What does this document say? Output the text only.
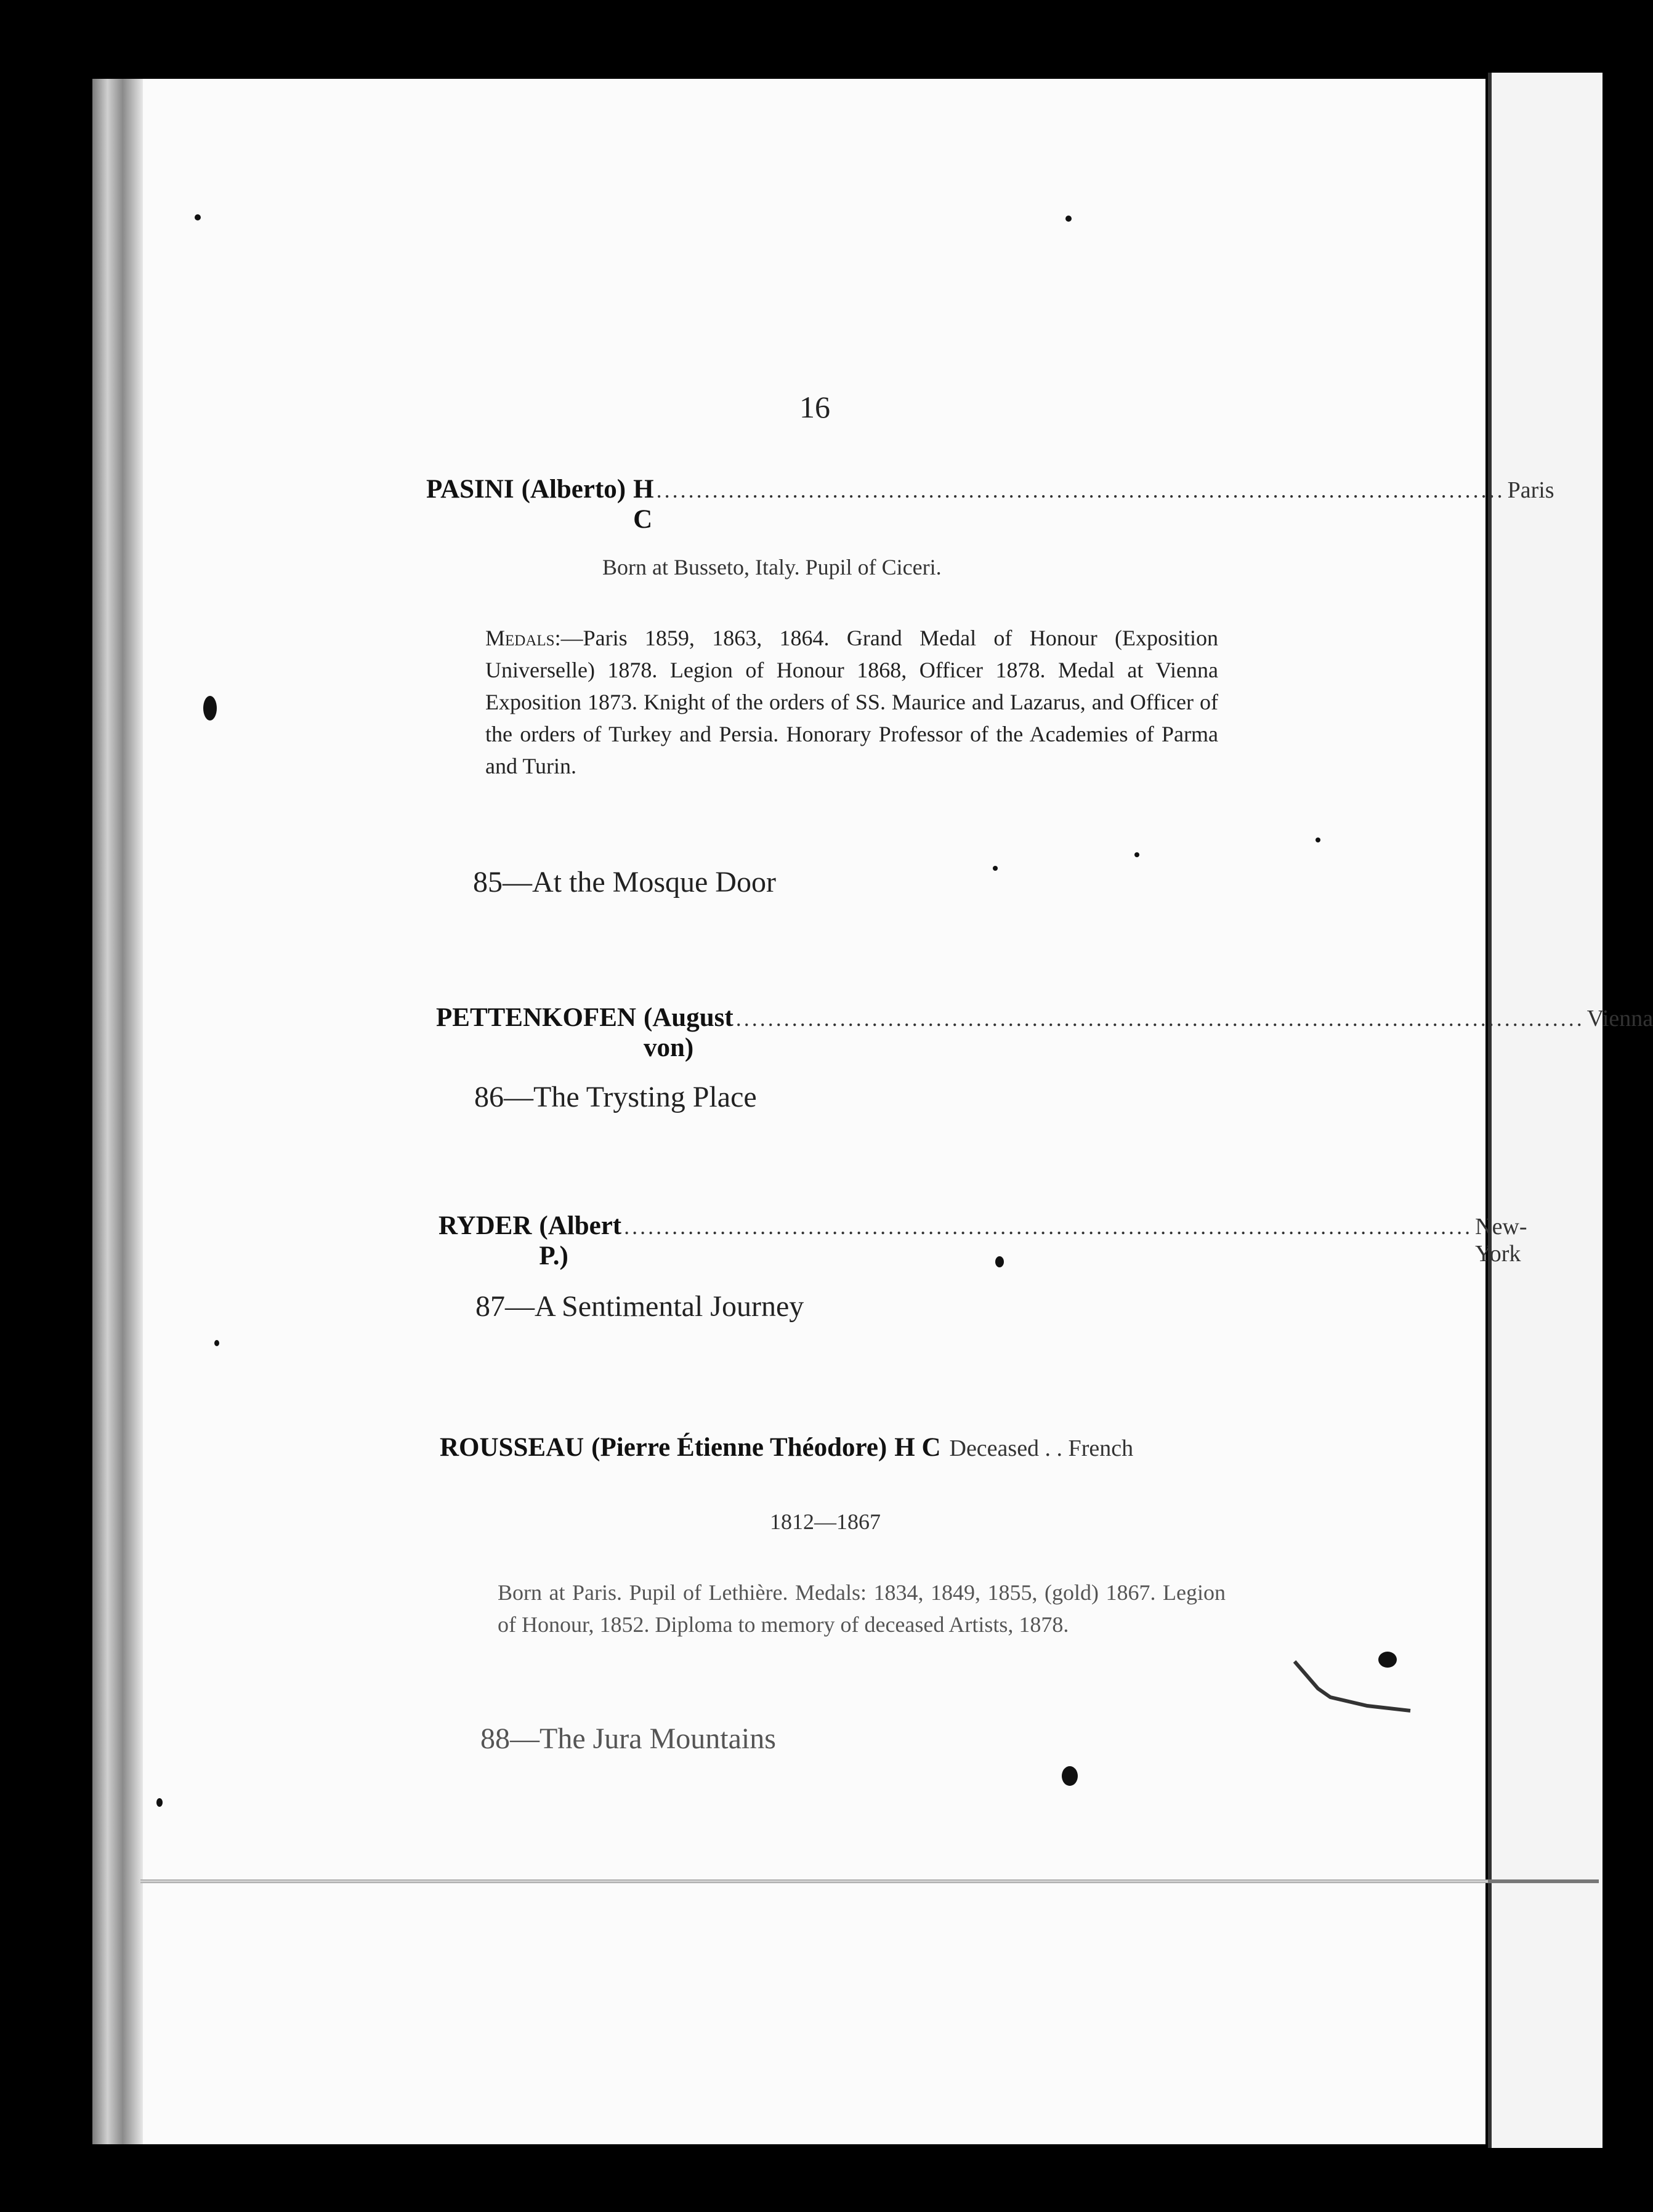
16
PASINI (Alberto) H C
.......................................................................................................... Paris
Born at Busseto, Italy. Pupil of Ciceri.
Medals:—Paris 1859, 1863, 1864. Grand Medal of Honour (Exposition Universelle) 1878. Legion of Honour 1868, Officer 1878. Medal at Vienna Exposition 1873. Knight of the orders of SS. Maurice and Lazarus, and Officer of the orders of Turkey and Persia. Honorary Professor of the Academies of Parma and Turin.
85—At the Mosque Door
PETTENKOFEN (August von)
.......................................................................................................... Vienna
86—The Trysting Place
RYDER (Albert P.)
.......................................................................................................... New-York
87—A Sentimental Journey
ROUSSEAU (Pierre Étienne Théodore) H C Deceased . . French
1812—1867
Born at Paris. Pupil of Lethière. Medals: 1834, 1849, 1855, (gold) 1867. Legion of Honour, 1852. Diploma to memory of deceased Artists, 1878.
88—The Jura Mountains
